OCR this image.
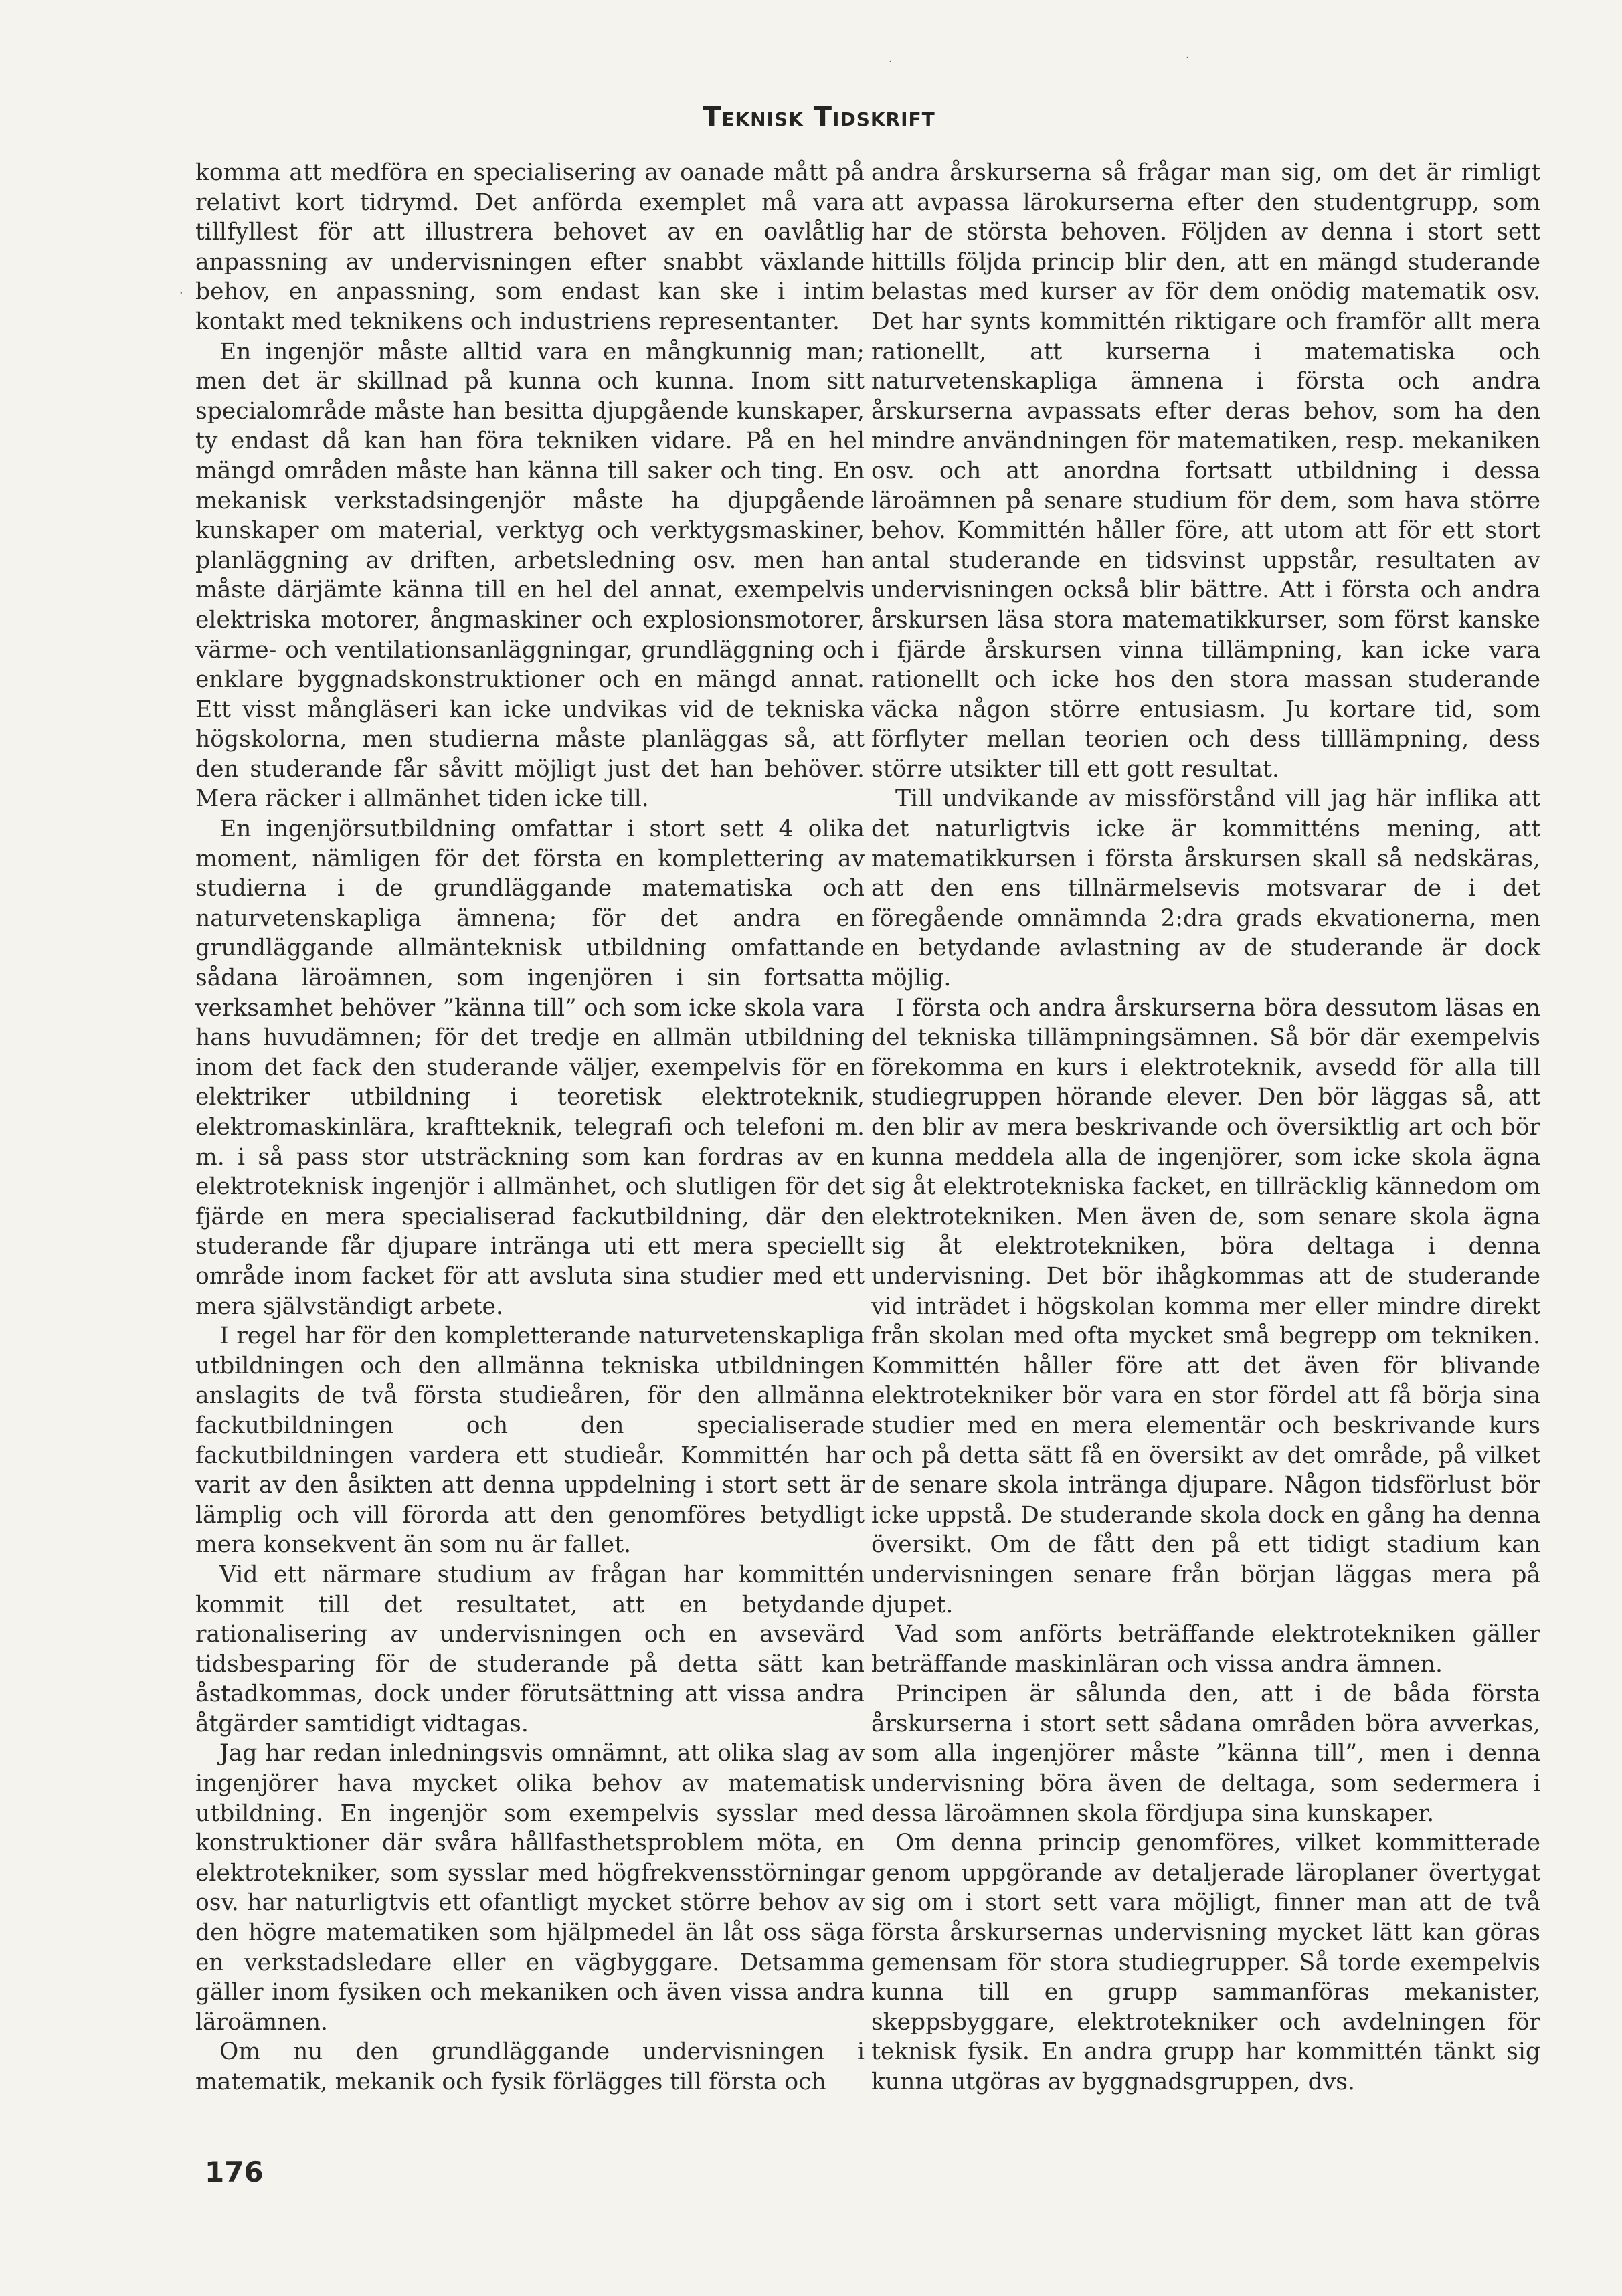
Teknisk Tidskrift

komma att medföra en specialisering av oanade mått på relativt kort tidrymd. Det anförda exemplet må vara tillfyllest för att illustrera behovet av en oavlåtlig anpassning av undervisningen efter snabbt växlande behov, en anpassning, som endast kan ske i intim kontakt med teknikens och industriens representanter.

En ingenjör måste alltid vara en mångkunnig man; men det är skillnad på kunna och kunna. Inom sitt specialområde måste han besitta djupgående kunskaper, ty endast då kan han föra tekniken vidare. På en hel mängd områden måste han känna till saker och ting. En mekanisk verkstadsingenjör måste ha djupgående kunskaper om material, verktyg och verktygsmaskiner, planläggning av driften, arbetsledning osv. men han måste därjämte känna till en hel del annat, exempelvis elektriska motorer, ångmaskiner och explosionsmotorer, värme- och ventilationsanläggningar, grundläggning och enklare byggnadskonstruktioner och en mängd annat. Ett visst mångläseri kan icke undvikas vid de tekniska högskolorna, men studierna måste planläggas så, att den studerande får såvitt möjligt just det han behöver. Mera räcker i allmänhet tiden icke till.

En ingenjörsutbildning omfattar i stort sett 4 olika moment, nämligen för det första en komplettering av studierna i de grundläggande matematiska och naturvetenskapliga ämnena; för det andra en grundläggande allmänteknisk utbildning omfattande sådana läroämnen, som ingenjören i sin fortsatta verksamhet behöver ”känna till” och som icke skola vara hans huvudämnen; för det tredje en allmän utbildning inom det fack den studerande väljer, exempelvis för en elektriker utbildning i teoretisk elektroteknik, elektromaskinlära, kraftteknik, telegrafi och telefoni m. m. i så pass stor utsträckning som kan fordras av en elektroteknisk ingenjör i allmänhet, och slutligen för det fjärde en mera specialiserad fackutbildning, där den studerande får djupare intränga uti ett mera speciellt område inom facket för att avsluta sina studier med ett mera självständigt arbete.

I regel har för den kompletterande naturvetenskapliga utbildningen och den allmänna tekniska utbildningen anslagits de två första studieåren, för den allmänna fackutbildningen och den specialiserade fackutbildningen vardera ett studieår. Kommittén har varit av den åsikten att denna uppdelning i stort sett är lämplig och vill förorda att den genomföres betydligt mera konsekvent än som nu är fallet.

Vid ett närmare studium av frågan har kommittén kommit till det resultatet, att en betydande rationalisering av undervisningen och en avsevärd tidsbesparing för de studerande på detta sätt kan åstadkommas, dock under förutsättning att vissa andra åtgärder samtidigt vidtagas.

Jag har redan inledningsvis omnämnt, att olika slag av ingenjörer hava mycket olika behov av matematisk utbildning. En ingenjör som exempelvis sysslar med konstruktioner där svåra hållfasthetsproblem möta, en elektrotekniker, som sysslar med högfrekvensstörningar osv. har naturligtvis ett ofantligt mycket större behov av den högre matematiken som hjälpmedel än låt oss säga en verkstadsledare eller en vägbyggare. Detsamma gäller inom fysiken och mekaniken och även vissa andra läroämnen.

Om nu den grundläggande undervisningen i matematik, mekanik och fysik förlägges till första och

andra årskurserna så frågar man sig, om det är rimligt att avpassa lärokurserna efter den studentgrupp, som har de största behoven. Följden av denna i stort sett hittills följda princip blir den, att en mängd studerande belastas med kurser av för dem onödig matematik osv. Det har synts kommittén riktigare och framför allt mera rationellt, att kurserna i matematiska och naturvetenskapliga ämnena i första och andra årskurserna avpassats efter deras behov, som ha den mindre användningen för matematiken, resp. mekaniken osv. och att anordna fortsatt utbildning i dessa läroämnen på senare studium för dem, som hava större behov. Kommittén håller före, att utom att för ett stort antal studerande en tidsvinst uppstår, resultaten av undervisningen också blir bättre. Att i första och andra årskursen läsa stora matematikkurser, som först kanske i fjärde årskursen vinna tillämpning, kan icke vara rationellt och icke hos den stora massan studerande väcka någon större entusiasm. Ju kortare tid, som förflyter mellan teorien och dess tilllämpning, dess större utsikter till ett gott resultat.

Till undvikande av missförstånd vill jag här inflika att det naturligtvis icke är kommitténs mening, att matematikkursen i första årskursen skall så nedskäras, att den ens tillnärmelsevis motsvarar de i det föregående omnämnda 2:dra grads ekvationerna, men en betydande avlastning av de studerande är dock möjlig.

I första och andra årskurserna böra dessutom läsas en del tekniska tillämpningsämnen. Så bör där exempelvis förekomma en kurs i elektroteknik, avsedd för alla till studiegruppen hörande elever. Den bör läggas så, att den blir av mera beskrivande och översiktlig art och bör kunna meddela alla de ingenjörer, som icke skola ägna sig åt elektrotekniska facket, en tillräcklig kännedom om elektrotekniken. Men även de, som senare skola ägna sig åt elektrotekniken, böra deltaga i denna undervisning. Det bör ihågkommas att de studerande vid inträdet i högskolan komma mer eller mindre direkt från skolan med ofta mycket små begrepp om tekniken. Kommittén håller före att det även för blivande elektrotekniker bör vara en stor fördel att få börja sina studier med en mera elementär och beskrivande kurs och på detta sätt få en översikt av det område, på vilket de senare skola intränga djupare. Någon tidsförlust bör icke uppstå. De studerande skola dock en gång ha denna översikt. Om de fått den på ett tidigt stadium kan undervisningen senare från början läggas mera på djupet.

Vad som anförts beträffande elektrotekniken gäller beträffande maskinläran och vissa andra ämnen.

Principen är sålunda den, att i de båda första årskurserna i stort sett sådana områden böra avverkas, som alla ingenjörer måste ”känna till”, men i denna undervisning böra även de deltaga, som sedermera i dessa läroämnen skola fördjupa sina kunskaper.

Om denna princip genomföres, vilket kommitterade genom uppgörande av detaljerade läroplaner övertygat sig om i stort sett vara möjligt, finner man att de två första årskursernas undervisning mycket lätt kan göras gemensam för stora studiegrupper. Så torde exempelvis kunna till en grupp sammanföras mekanister, skeppsbyggare, elektrotekniker och avdelningen för teknisk fysik. En andra grupp har kommittén tänkt sig kunna utgöras av byggnadsgruppen, dvs.

176
·
·	·
